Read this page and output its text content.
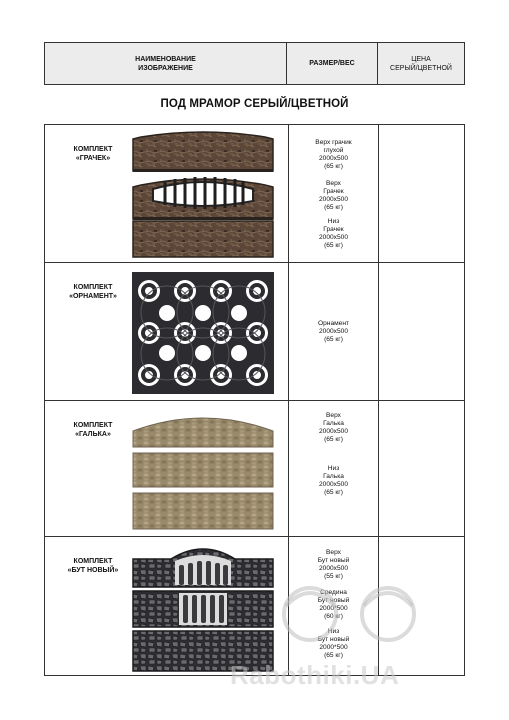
НАИМЕНОВАНИЕ
ИЗОБРАЖЕНИЕ
РАЗМЕР/ВЕС
ЦЕНА
СЕРЫЙ/ЦВЕТНОЙ
ПОД МРАМОР СЕРЫЙ/ЦВЕТНОЙ
КОМПЛЕКТ
«ГРАЧЕК»
Верх грачик
глухой
2000х500
(65 кг)
Верх
Грачек
2000х500
(65 кг)
Низ
Грачек
2000х500
(65 кг)
КОМПЛЕКТ
«ОРНАМЕНТ»
Орнамент
2000х500
(65 кг)
КОМПЛЕКТ
«ГАЛЬКА»
Верх
Галька
2000х500
(65 кг)
Низ
Галька
2000х500
(65 кг)
КОМПЛЕКТ
«БУТ НОВЫЙ»
Верх
Бут новый
2000х500
(55 кг)
Средина
Бут новый
2000*500
(60 кг)
Низ
Бут новый
2000*500
(65 кг)
Rabothiki.UA
